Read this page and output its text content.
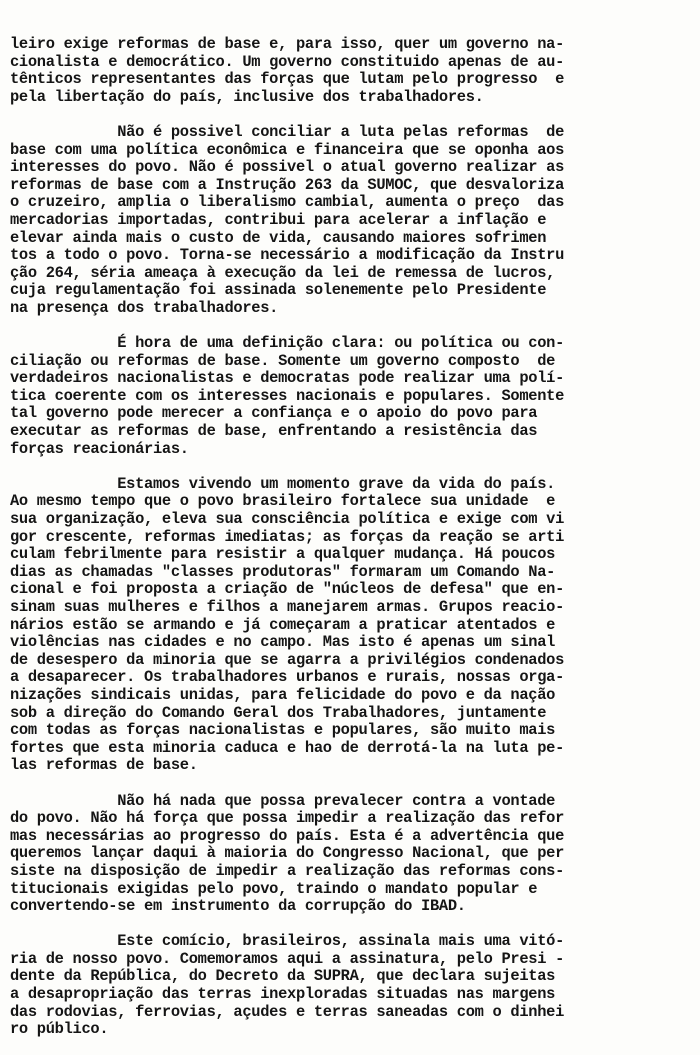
leiro exige reformas de base e, para isso, quer um governo na-
cionalista e democrático. Um governo constituido apenas de au-
tênticos representantes das forças que lutam pelo progresso  e
pela libertação do país, inclusive dos trabalhadores.
Não é possivel conciliar a luta pelas reformas  de
base com uma política econômica e financeira que se oponha aos
interesses do povo. Não é possivel o atual governo realizar as
reformas de base com a Instrução 263 da SUMOC, que desvaloriza
o cruzeiro, amplia o liberalismo cambial, aumenta o preço  das
mercadorias importadas, contribui para acelerar a inflação e
elevar ainda mais o custo de vida, causando maiores sofrimen
tos a todo o povo. Torna-se necessário a modificação da Instru
ção 264, séria ameaça à execução da lei de remessa de lucros,
cuja regulamentação foi assinada solenemente pelo Presidente
na presença dos trabalhadores.
É hora de uma definição clara: ou política ou con-
ciliação ou reformas de base. Somente um governo composto  de
verdadeiros nacionalistas e democratas pode realizar uma polí-
tica coerente com os interesses nacionais e populares. Somente
tal governo pode merecer a confiança e o apoio do povo para
executar as reformas de base, enfrentando a resistência das
forças reacionárias.
Estamos vivendo um momento grave da vida do país.
Ao mesmo tempo que o povo brasileiro fortalece sua unidade  e
sua organização, eleva sua consciência política e exige com vi
gor crescente, reformas imediatas; as forças da reação se arti
culam febrilmente para resistir a qualquer mudança. Há poucos
dias as chamadas "classes produtoras" formaram um Comando Na-
cional e foi proposta a criação de "núcleos de defesa" que en-
sinam suas mulheres e filhos a manejarem armas. Grupos reacio-
nários estão se armando e já começaram a praticar atentados e
violências nas cidades e no campo. Mas isto é apenas um sinal
de desespero da minoria que se agarra a privilégios condenados
a desaparecer. Os trabalhadores urbanos e rurais, nossas orga-
nizações sindicais unidas, para felicidade do povo e da nação
sob a direção do Comando Geral dos Trabalhadores, juntamente
com todas as forças nacionalistas e populares, são muito mais
fortes que esta minoria caduca e hao de derrotá-la na luta pe-
las reformas de base.
Não há nada que possa prevalecer contra a vontade
do povo. Não há força que possa impedir a realização das refor
mas necessárias ao progresso do país. Esta é a advertência que
queremos lançar daqui à maioria do Congresso Nacional, que per
siste na disposição de impedir a realização das reformas cons-
titucionais exigidas pelo povo, traindo o mandato popular e
convertendo-se em instrumento da corrupção do IBAD.
Este comício, brasileiros, assinala mais uma vitó-
ria de nosso povo. Comemoramos aqui a assinatura, pelo Presi -
dente da República, do Decreto da SUPRA, que declara sujeitas
a desapropriação das terras inexploradas situadas nas margens
das rodovias, ferrovias, açudes e terras saneadas com o dinhei
ro público.
